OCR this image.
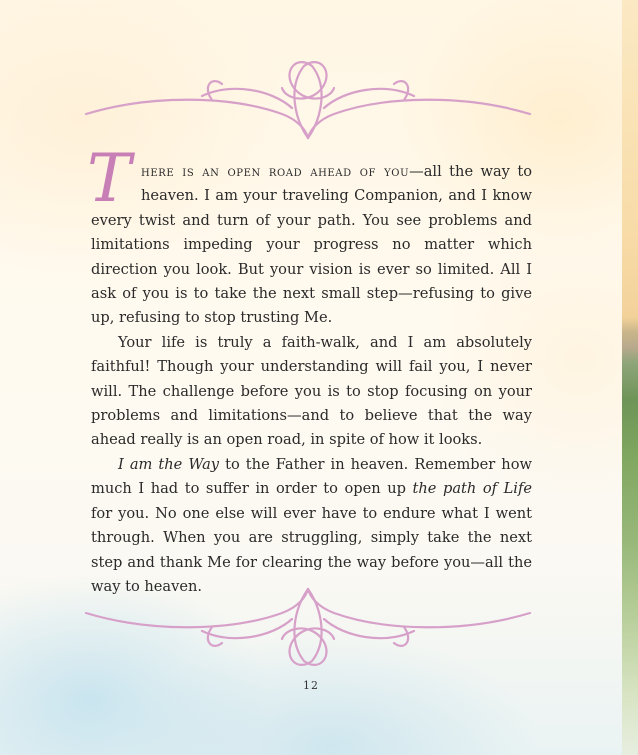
There is an open road ahead of you—all the way to heaven. I am your traveling Companion, and I know every twist and turn of your path. You see problems and limitations impeding your progress no matter which direction you look. But your vision is ever so limited. All I ask of you is to take the next small step—refusing to give up, refusing to stop trusting Me.

Your life is truly a faith-walk, and I am absolutely faithful! Though your understanding will fail you, I never will. The challenge before you is to stop focusing on your problems and limitations—and to believe that the way ahead really is an open road, in spite of how it looks.

I am the Way to the Father in heaven. Remember how much I had to suffer in order to open up the path of Life for you. No one else will ever have to endure what I went through. When you are struggling, simply take the next step and thank Me for clearing the way before you—all the way to heaven.

12
